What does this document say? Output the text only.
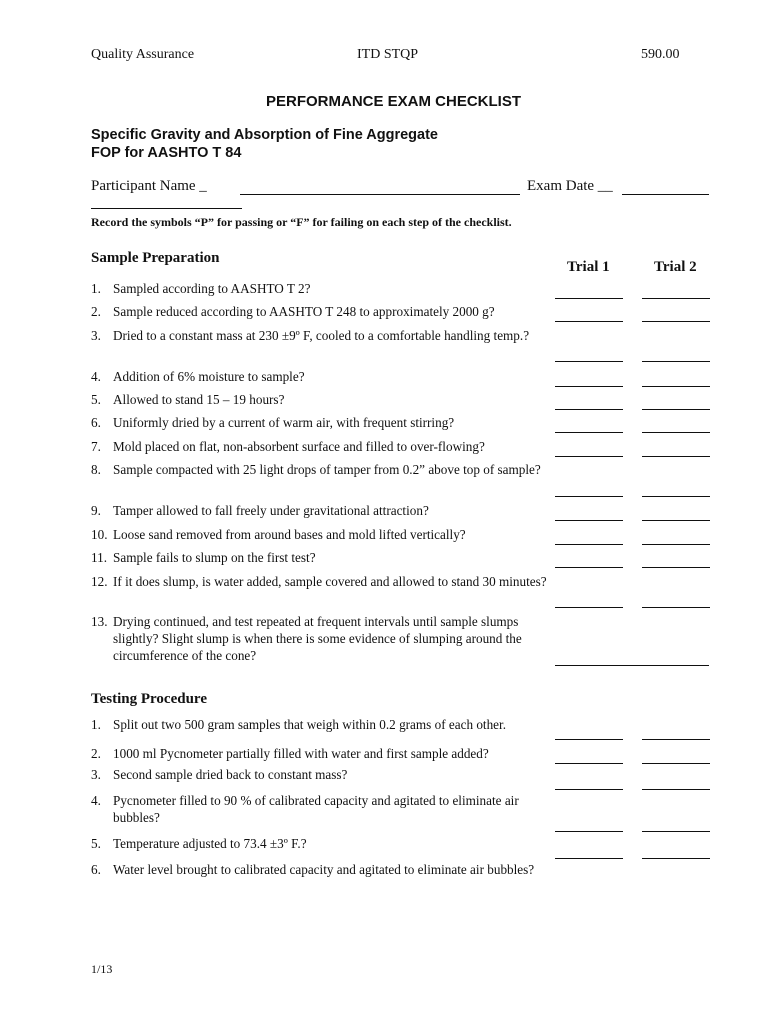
Quality Assurance	ITD STQP	590.00
PERFORMANCE EXAM CHECKLIST
Specific Gravity and Absorption of Fine Aggregate
FOP for AASHTO T 84
Participant Name _	Exam Date __
Record the symbols “P” for passing or “F” for failing on each step of the checklist.
Sample Preparation
Trial 1	Trial 2
1. Sampled according to AASHTO T 2?
2. Sample reduced according to AASHTO T 248 to approximately 2000 g?
3. Dried to a constant mass at 230 ±9º F, cooled to a comfortable handling temp.?
4. Addition of 6% moisture to sample?
5. Allowed to stand 15 – 19 hours?
6. Uniformly dried by a current of warm air, with frequent stirring?
7. Mold placed on flat, non-absorbent surface and filled to over-flowing?
8. Sample compacted with 25 light drops of tamper from 0.2” above top of sample?
9. Tamper allowed to fall freely under gravitational attraction?
10. Loose sand removed from around bases and mold lifted vertically?
11. Sample fails to slump on the first test?
12. If it does slump, is water added, sample covered and allowed to stand 30 minutes?
13. Drying continued, and test repeated at frequent intervals until sample slumps slightly? Slight slump is when there is some evidence of slumping around the circumference of the cone?
Testing Procedure
1. Split out two 500 gram samples that weigh within 0.2 grams of each other.
2. 1000 ml Pycnometer partially filled with water and first sample added?
3. Second sample dried back to constant mass?
4. Pycnometer filled to 90 % of calibrated capacity and agitated to eliminate air bubbles?
5. Temperature adjusted to 73.4 ±3º F.?
6. Water level brought to calibrated capacity and agitated to eliminate air bubbles?
1/13
